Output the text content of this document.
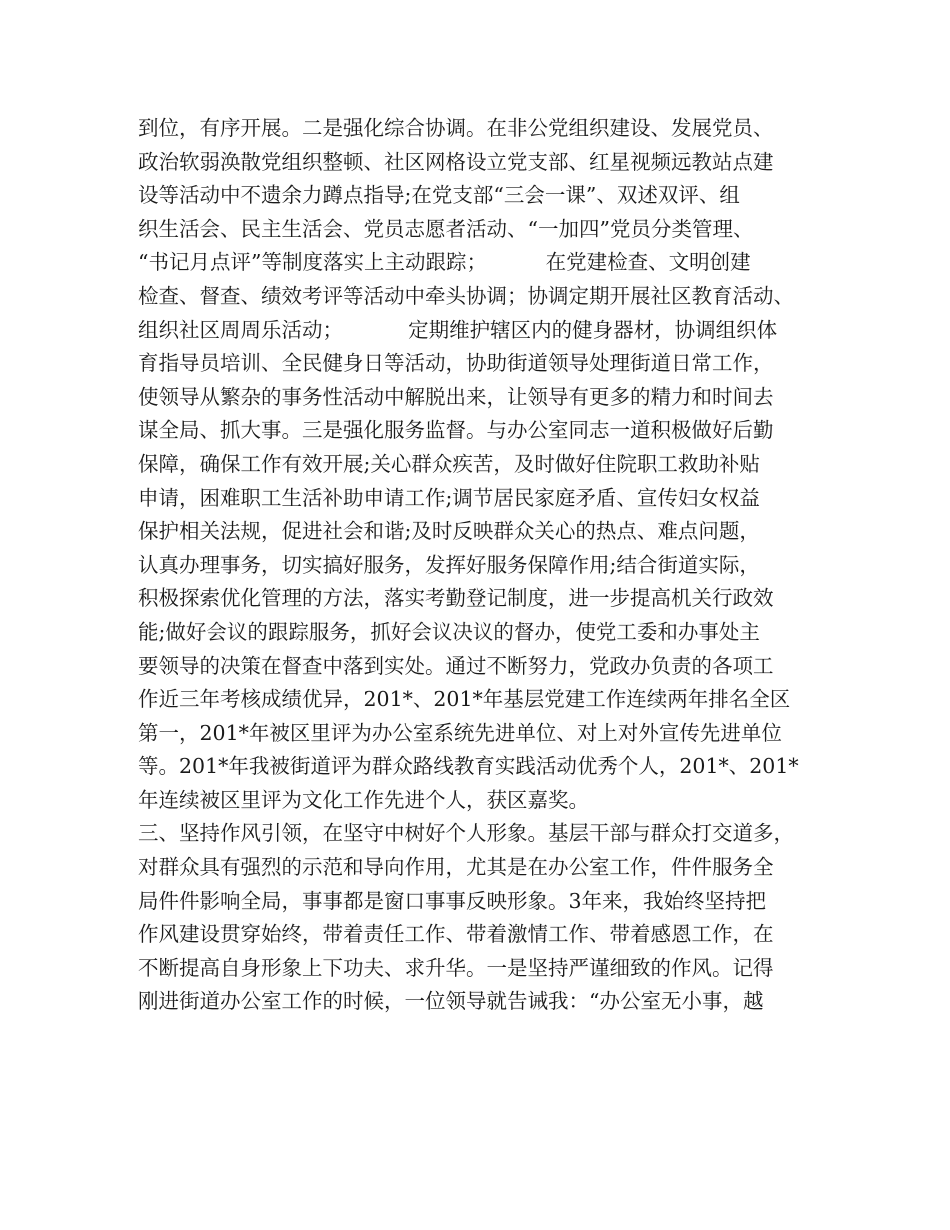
到位，有序开展。二是强化综合协调。在非公党组织建设、发展党员、
政治软弱涣散党组织整顿、社区网格设立党支部、红星视频远教站点建
设等活动中不遗余力蹲点指导;在党支部“三会一课”、双述双评、组
织生活会、民主生活会、党员志愿者活动、“一加四”党员分类管理、
“书记月点评”等制度落实上主动跟踪；         在党建检查、文明创建
检查、督查、绩效考评等活动中牵头协调；协调定期开展社区教育活动、
组织社区周周乐活动；          定期维护辖区内的健身器材，协调组织体
育指导员培训、全民健身日等活动，协助街道领导处理街道日常工作，
使领导从繁杂的事务性活动中解脱出来，让领导有更多的精力和时间去
谋全局、抓大事。三是强化服务监督。与办公室同志一道积极做好后勤
保障，确保工作有效开展;关心群众疾苦，及时做好住院职工救助补贴
申请，困难职工生活补助申请工作;调节居民家庭矛盾、宣传妇女权益
保护相关法规，促进社会和谐;及时反映群众关心的热点、难点问题，
认真办理事务，切实搞好服务，发挥好服务保障作用;结合街道实际，
积极探索优化管理的方法，落实考勤登记制度，进一步提高机关行政效
能;做好会议的跟踪服务，抓好会议决议的督办，使党工委和办事处主
要领导的决策在督查中落到实处。通过不断努力，党政办负责的各项工
作近三年考核成绩优异，201*、201*年基层党建工作连续两年排名全区
第一，201*年被区里评为办公室系统先进单位、对上对外宣传先进单位
等。201*年我被街道评为群众路线教育实践活动优秀个人，201*、201*
年连续被区里评为文化工作先进个人，获区嘉奖。
三、坚持作风引领，在坚守中树好个人形象。基层干部与群众打交道多，
对群众具有强烈的示范和导向作用，尤其是在办公室工作，件件服务全
局件件影响全局，事事都是窗口事事反映形象。3年来，我始终坚持把
作风建设贯穿始终，带着责任工作、带着激情工作、带着感恩工作，在
不断提高自身形象上下功夫、求升华。一是坚持严谨细致的作风。记得
刚进街道办公室工作的时候，一位领导就告诫我：“办公室无小事，越
